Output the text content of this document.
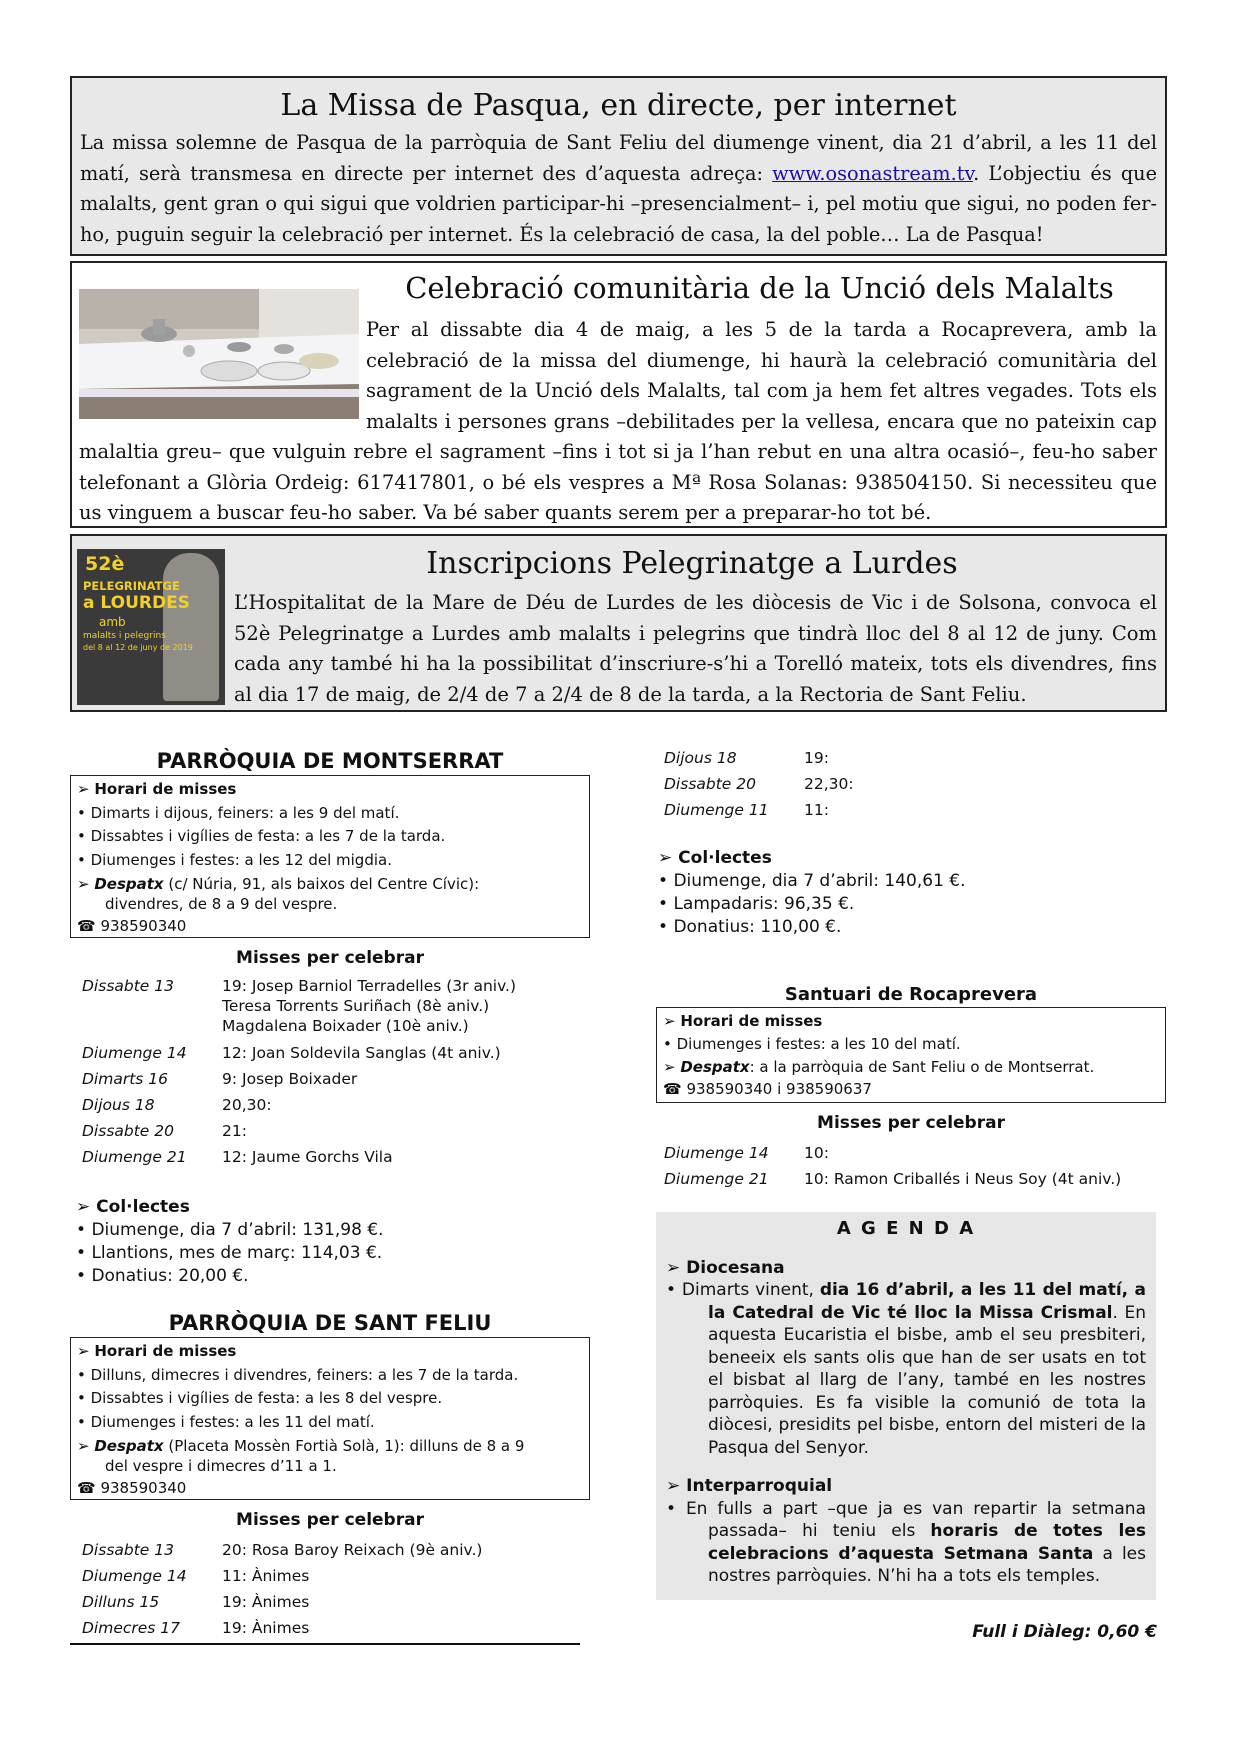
La Missa de Pasqua, en directe, per internet

La missa solemne de Pasqua de la parròquia de Sant Feliu del diumenge vinent, dia 21 d’abril, a les 11 del matí, serà transmesa en directe per internet des d’aquesta adreça: www.osonastream.tv. L’objectiu és que malalts, gent gran o qui sigui que voldrien participar-hi –presencialment– i, pel motiu que sigui, no poden fer-ho, puguin seguir la celebració per internet. És la celebració de casa, la del poble… La de Pasqua!

Celebració comunitària de la Unció dels Malalts

Per al dissabte dia 4 de maig, a les 5 de la tarda a Rocaprevera, amb la celebració de la missa del diumenge, hi haurà la celebració comunitària del sagrament de la Unció dels Malalts, tal com ja hem fet altres vegades. Tots els malalts i persones grans –debilitades per la vellesa, encara que no pateixin cap malaltia greu– que vulguin rebre el sagrament –fins i tot si ja l’han rebut en una altra ocasió–, feu-ho saber telefonant a Glòria Ordeig: 617417801, o bé els vespres a Mª Rosa Solanas: 938504150. Si necessiteu que us vinguem a buscar feu-ho saber. Va bé saber quants serem per a preparar-ho tot bé.

52è
PELEGRINATGE
a LOURDES
amb
malalts i pelegrins
del 8 al 12 de juny de 2019
Inscripcions Pelegrinatge a Lurdes

L’Hospitalitat de la Mare de Déu de Lurdes de les diòcesis de Vic i de Solsona, convoca el 52è Pelegrinatge a Lurdes amb malalts i pelegrins que tindrà lloc del 8 al 12 de juny. Com cada any també hi ha la possibilitat d’inscriure-s’hi a Torelló mateix, tots els divendres, fins al dia 17 de maig, de 2/4 de 7 a 2/4 de 8 de la tarda, a la Rectoria de Sant Feliu.

PARRÒQUIA DE MONTSERRAT
➢ Horari de misses
• Dimarts i dijous, feiners: a les 9 del matí.
• Dissabtes i vigílies de festa: a les 7 de la tarda.
• Diumenges i festes: a les 12 del migdia.
➢ Despatx (c/ Núria, 91, als baixos del Centre Cívic):
divendres, de 8 a 9 del vespre.
☎ 938590340
Misses per celebrar
Dissabte 13	19: Josep Barniol Terradelles (3r aniv.)
Teresa Torrents Suriñach (8è aniv.)
Magdalena Boixader (10è aniv.)
Diumenge 14	12: Joan Soldevila Sanglas (4t aniv.)
Dimarts 16	9: Josep Boixader
Dijous 18	20,30:
Dissabte 20	21:
Diumenge 21	12: Jaume Gorchs Vila
➢ Col·lectes
• Diumenge, dia 7 d’abril: 131,98 €.
• Llantions, mes de març: 114,03 €.
• Donatius: 20,00 €.
PARRÒQUIA DE SANT FELIU
➢ Horari de misses
• Dilluns, dimecres i divendres, feiners: a les 7 de la tarda.
• Dissabtes i vigílies de festa: a les 8 del vespre.
• Diumenges i festes: a les 11 del matí.
➢ Despatx (Placeta Mossèn Fortià Solà, 1): dilluns de 8 a 9
del vespre i dimecres d’11 a 1.
☎ 938590340
Misses per celebrar
Dissabte 13	20: Rosa Baroy Reixach (9è aniv.)
Diumenge 14	11: Ànimes
Dilluns 15	19: Ànimes
Dimecres 17	19: Ànimes
Dijous 18	19:
Dissabte 20	22,30:
Diumenge 11	11:
➢ Col·lectes
• Diumenge, dia 7 d’abril: 140,61 €.
• Lampadaris: 96,35 €.
• Donatius: 110,00 €.
Santuari de Rocaprevera
➢ Horari de misses
• Diumenges i festes: a les 10 del matí.
➢ Despatx: a la parròquia de Sant Feliu o de Montserrat.
☎ 938590340 i 938590637
Misses per celebrar
Diumenge 14	10:
Diumenge 21	10: Ramon Criballés i Neus Soy (4t aniv.)
A G E N D A
➢ Diocesana

• Dimarts vinent, dia 16 d’abril, a les 11 del matí, a la Catedral de Vic té lloc la Missa Crismal. En aquesta Eucaristia el bisbe, amb el seu presbiteri, beneeix els sants olis que han de ser usats en tot el bisbat al llarg de l’any, també en les nostres parròquies. Es fa visible la comunió de tota la diòcesi, presidits pel bisbe, entorn del misteri de la Pasqua del Senyor.

➢ Interparroquial

• En fulls a part –que ja es van repartir la setmana passada– hi teniu els horaris de totes les celebracions d’aquesta Setmana Santa a les nostres parròquies. N’hi ha a tots els temples.

Full i Diàleg: 0,60 €
